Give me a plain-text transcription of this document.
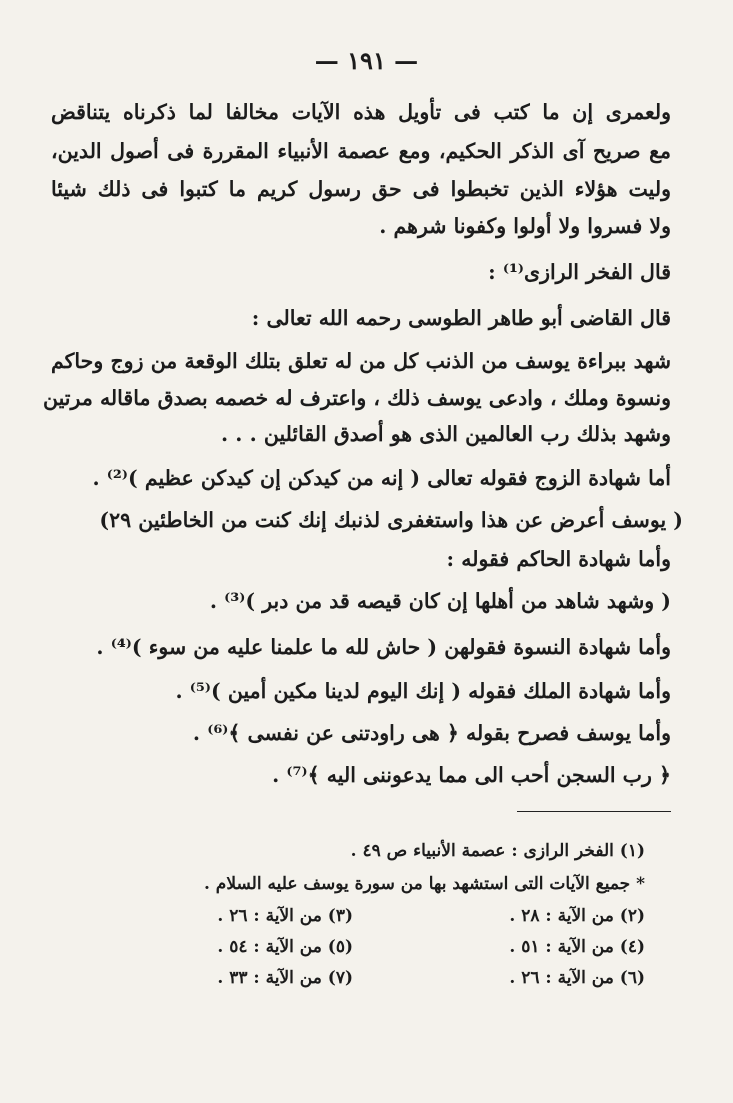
— ١٩١ —
ولعمرى إن ما كتب فى تأويل هذه الآيات مخالفا لما ذكرناه يتناقض
مع صريح آى الذكر الحكيم، ومع عصمة الأنبياء المقررة فى أصول الدين،
وليت هؤلاء الذين تخبطوا فى حق رسول كريم ما كتبوا فى ذلك شيئا
ولا فسروا ولا أولوا وكفونا شرهم .
قال الفخر الرازى⁽¹⁾ :
قال القاضى أبو طاهر الطوسى رحمه الله تعالى :
شهد ببراءة يوسف من الذنب كل من له تعلق بتلك الوقعة من زوج وحاكم
ونسوة وملك ، وادعى يوسف ذلك ، واعترف له خصمه بصدق ماقاله مرتين
وشهد بذلك رب العالمين الذى هو أصدق القائلين . . .
أما شهادة الزوج فقوله تعالى ( إنه من كيدكن إن كيدكن عظيم )⁽²⁾ .
( يوسف أعرض عن هذا واستغفرى لذنبك إنك كنت من الخاطئين ٢٩)
وأما شهادة الحاكم فقوله :
( وشهد شاهد من أهلها إن كان قيصه قد من دبر )⁽³⁾ .
وأما شهادة النسوة فقولهن ( حاش لله ما علمنا عليه من سوء )⁽⁴⁾ .
وأما شهادة الملك فقوله ( إنك اليوم لدينا مكين أمين )⁽⁵⁾ .
وأما يوسف فصرح بقوله ﴿ هى راودتنى عن نفسى ﴾⁽⁶⁾ .
﴿ رب السجن أحب الى مما يدعوننى اليه ﴾⁽⁷⁾ .
(١) الفخر الرازى : عصمة الأنبياء ص ٤٩ .
* جميع الآيات التى استشهد بها من سورة يوسف عليه السلام .
(٢) من الآية : ٢٨ .
(٣) من الآية : ٢٦ .
(٤) من الآية : ٥١ .
(٥) من الآية : ٥٤ .
(٦) من الآية : ٢٦ .
(٧) من الآية : ٣٣ .
